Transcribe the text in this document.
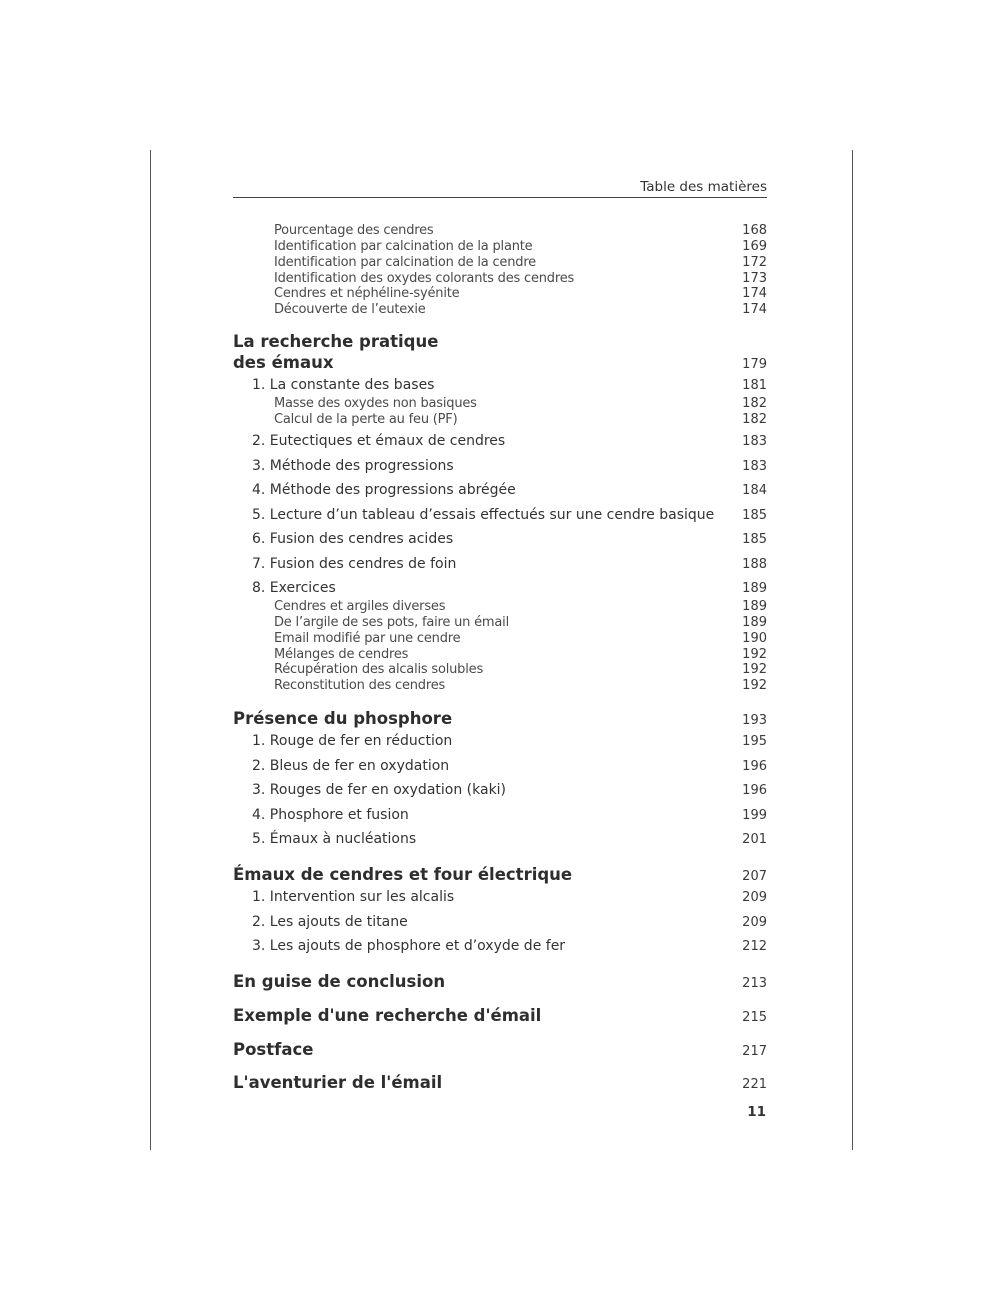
Table des matières
Pourcentage des cendres	168
Identification par calcination de la plante	169
Identification par calcination de la cendre	172
Identification des oxydes colorants des cendres	173
Cendres et néphéline-syénite	174
Découverte de l’eutexie	174
La recherche pratique
des émaux	179
1. La constante des bases	181
Masse des oxydes non basiques	182
Calcul de la perte au feu (PF)	182
2. Eutectiques et émaux de cendres	183
3. Méthode des progressions	183
4. Méthode des progressions abrégée	184
5. Lecture d’un tableau d’essais effectués sur une cendre basique 185
6. Fusion des cendres acides	185
7. Fusion des cendres de foin	188
8. Exercices	189
Cendres et argiles diverses	189
De l’argile de ses pots, faire un émail	189
Email modifié par une cendre	190
Mélanges de cendres	192
Récupération des alcalis solubles	192
Reconstitution des cendres	192
Présence du phosphore	193
1. Rouge de fer en réduction	195
2. Bleus de fer en oxydation	196
3. Rouges de fer en oxydation (kaki)	196
4. Phosphore et fusion	199
5. Émaux à nucléations	201
Émaux de cendres et four électrique	207
1. Intervention sur les alcalis	209
2. Les ajouts de titane	209
3. Les ajouts de phosphore et d’oxyde de fer	212
En guise de conclusion	213
Exemple d'une recherche d'émail	215
Postface	217
L'aventurier de l'émail	221
11
